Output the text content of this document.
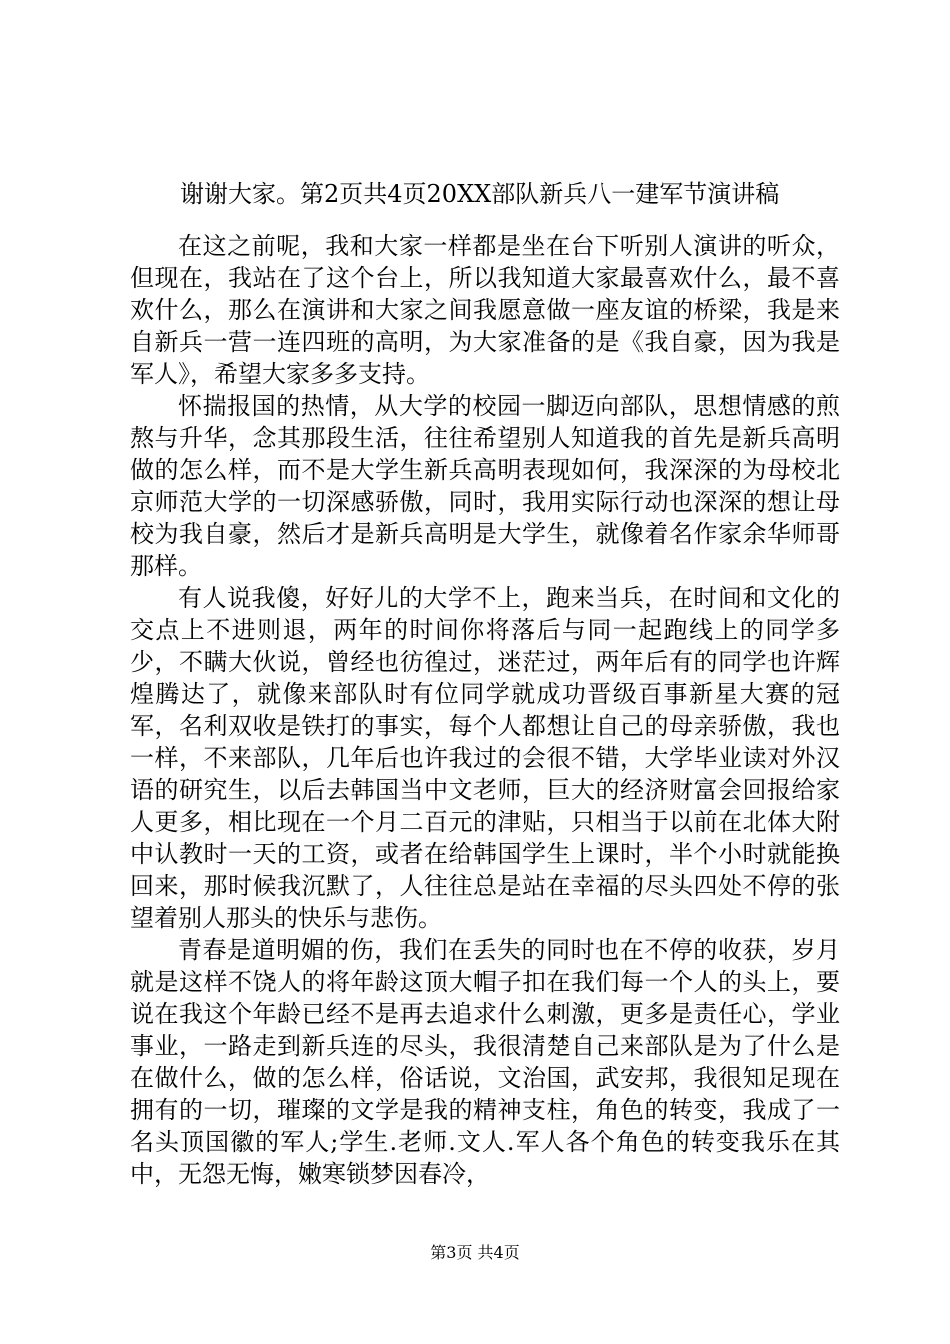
谢谢大家。第2页共4页20XX部队新兵八一建军节演讲稿

在这之前呢，我和大家一样都是坐在台下听别人演讲的听众，但现在，我站在了这个台上，所以我知道大家最喜欢什么，最不喜欢什么，那么在演讲和大家之间我愿意做一座友谊的桥梁，我是来自新兵一营一连四班的高明，为大家准备的是《我自豪，因为我是军人》，希望大家多多支持。

怀揣报国的热情，从大学的校园一脚迈向部队，思想情感的煎熬与升华，念其那段生活，往往希望别人知道我的首先是新兵高明做的怎么样，而不是大学生新兵高明表现如何，我深深的为母校北京师范大学的一切深感骄傲，同时，我用实际行动也深深的想让母校为我自豪，然后才是新兵高明是大学生，就像着名作家余华师哥那样。

有人说我傻，好好儿的大学不上，跑来当兵，在时间和文化的交点上不进则退，两年的时间你将落后与同一起跑线上的同学多少，不瞒大伙说，曾经也彷徨过，迷茫过，两年后有的同学也许辉煌腾达了，就像来部队时有位同学就成功晋级百事新星大赛的冠军，名利双收是铁打的事实，每个人都想让自己的母亲骄傲，我也一样，不来部队，几年后也许我过的会很不错，大学毕业读对外汉语的研究生，以后去韩国当中文老师，巨大的经济财富会回报给家人更多，相比现在一个月二百元的津贴，只相当于以前在北体大附中认教时一天的工资，或者在给韩国学生上课时，半个小时就能换回来，那时候我沉默了，人往往总是站在幸福的尽头四处不停的张望着别人那头的快乐与悲伤。

青春是道明媚的伤，我们在丢失的同时也在不停的收获，岁月就是这样不饶人的将年龄这顶大帽子扣在我们每一个人的头上，要说在我这个年龄已经不是再去追求什么刺激，更多是责任心，学业事业，一路走到新兵连的尽头，我很清楚自己来部队是为了什么是在做什么，做的怎么样，俗话说，文治国，武安邦，我很知足现在拥有的一切，璀璨的文学是我的精神支柱，角色的转变，我成了一名头顶国徽的军人;学生.老师.文人.军人各个角色的转变我乐在其中，无怨无悔，嫩寒锁梦因春冷，

第3页 共4页
